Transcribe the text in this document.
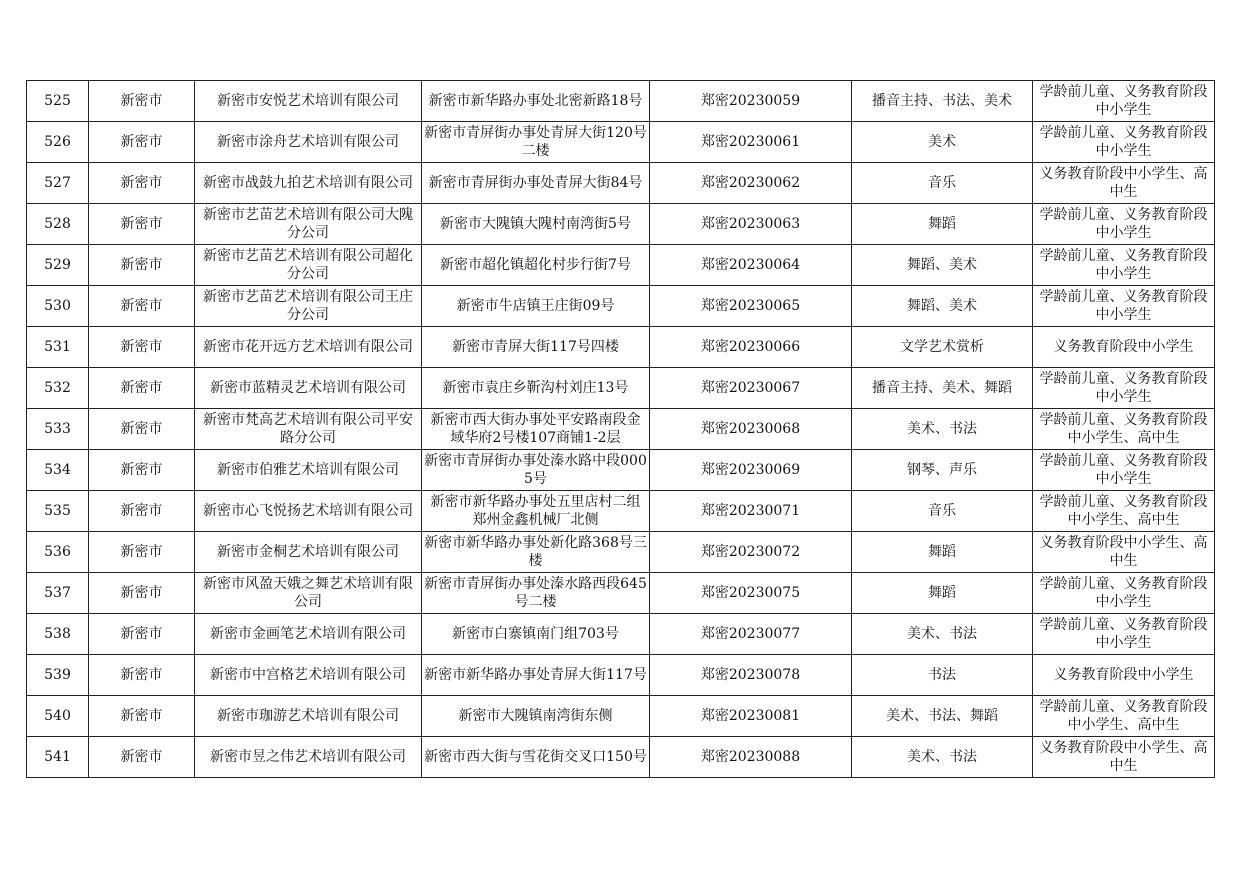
525	新密市	新密市安悦艺术培训有限公司	新密市新华路办事处北密新路18号	郑密20230059	播音主持、书法、美术	学龄前儿童、义务教育阶段中小学生
526	新密市	新密市涂舟艺术培训有限公司	新密市青屏街办事处青屏大街120号二楼	郑密20230061	美术	学龄前儿童、义务教育阶段中小学生
527	新密市	新密市战鼓九拍艺术培训有限公司	新密市青屏街办事处青屏大街84号	郑密20230062	音乐	义务教育阶段中小学生、高中生
528	新密市	新密市艺苗艺术培训有限公司大隗分公司	新密市大隗镇大隗村南湾街5号	郑密20230063	舞蹈	学龄前儿童、义务教育阶段中小学生
529	新密市	新密市艺苗艺术培训有限公司超化分公司	新密市超化镇超化村步行街7号	郑密20230064	舞蹈、美术	学龄前儿童、义务教育阶段中小学生
530	新密市	新密市艺苗艺术培训有限公司王庄分公司	新密市牛店镇王庄街09号	郑密20230065	舞蹈、美术	学龄前儿童、义务教育阶段中小学生
531	新密市	新密市花开远方艺术培训有限公司	新密市青屏大街117号四楼	郑密20230066	文学艺术赏析	义务教育阶段中小学生
532	新密市	新密市蓝精灵艺术培训有限公司	新密市袁庄乡靳沟村刘庄13号	郑密20230067	播音主持、美术、舞蹈	学龄前儿童、义务教育阶段中小学生
533	新密市	新密市梵高艺术培训有限公司平安路分公司	新密市西大街办事处平安路南段金域华府2号楼107商铺1-2层	郑密20230068	美术、书法	学龄前儿童、义务教育阶段中小学生、高中生
534	新密市	新密市伯雅艺术培训有限公司	新密市青屏街办事处溱水路中段0005号	郑密20230069	钢琴、声乐	学龄前儿童、义务教育阶段中小学生
535	新密市	新密市心飞悦扬艺术培训有限公司	新密市新华路办事处五里店村二组郑州金鑫机械厂北侧	郑密20230071	音乐	学龄前儿童、义务教育阶段中小学生、高中生
536	新密市	新密市金桐艺术培训有限公司	新密市新华路办事处新化路368号三楼	郑密20230072	舞蹈	义务教育阶段中小学生、高中生
537	新密市	新密市风盈天娥之舞艺术培训有限公司	新密市青屏街办事处溱水路西段645号二楼	郑密20230075	舞蹈	学龄前儿童、义务教育阶段中小学生
538	新密市	新密市金画笔艺术培训有限公司	新密市白寨镇南门组703号	郑密20230077	美术、书法	学龄前儿童、义务教育阶段中小学生
539	新密市	新密市中宫格艺术培训有限公司	新密市新华路办事处青屏大街117号	郑密20230078	书法	义务教育阶段中小学生
540	新密市	新密市珈游艺术培训有限公司	新密市大隗镇南湾街东侧	郑密20230081	美术、书法、舞蹈	学龄前儿童、义务教育阶段中小学生、高中生
541	新密市	新密市昱之伟艺术培训有限公司	新密市西大街与雪花街交叉口150号	郑密20230088	美术、书法	义务教育阶段中小学生、高中生
